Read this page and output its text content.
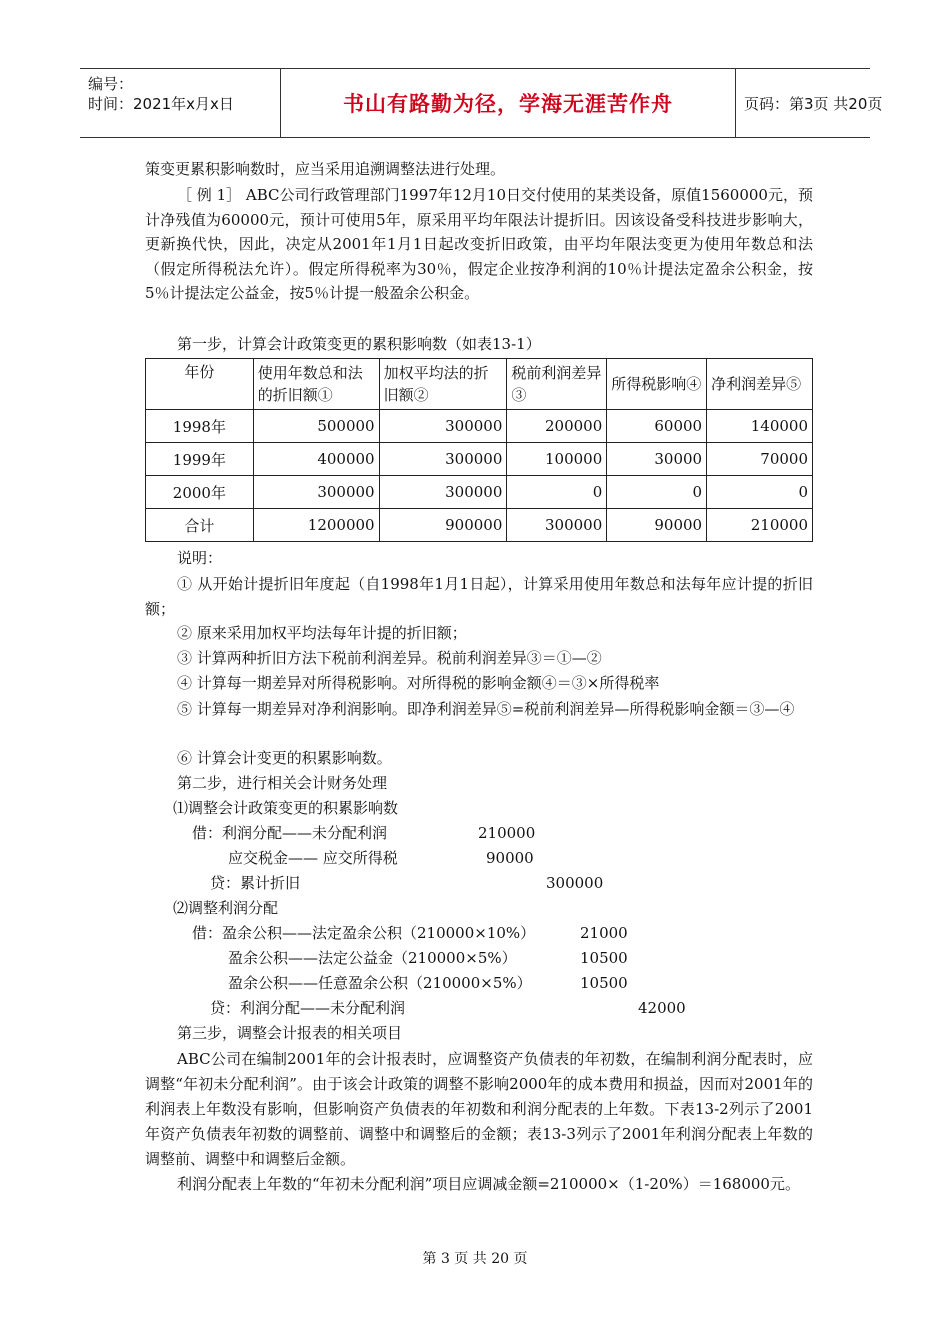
编号：
时间：2021年x月x日	书山有路勤为径，学海无涯苦作舟	页码：第3页 共20页
策变更累积影响数时，应当采用追溯调整法进行处理。
［ 例 1］ ABC公司行政管理部门1997年12月10日交付使用的某类设备，原值1560000元，预计净残值为60000元，预计可使用5年，原采用平均年限法计提折旧。因该设备受科技进步影响大，更新换代快，因此，决定从2001年1月1日起改变折旧政策，由平均年限法变更为使用年数总和法（假定所得税法允许）。假定所得税率为30％，假定企业按净利润的10％计提法定盈余公积金，按5％计提法定公益金，按5％计提一般盈余公积金。
第一步，计算会计政策变更的累积影响数（如表13-1）
年份	使用年数总和法的折旧额①	加权平均法的折旧额②	税前利润差异③	所得税影响④	净利润差异⑤
1998年	500000	300000	200000	60000	140000
1999年	400000	300000	100000	30000	70000
2000年	300000	300000	0	0	0
合计	1200000	900000	300000	90000	210000
说明：
① 从开始计提折旧年度起（自1998年1月1日起），计算采用使用年数总和法每年应计提的折旧额；
② 原来采用加权平均法每年计提的折旧额；
③ 计算两种折旧方法下税前利润差异。税前利润差异③＝①—②
④ 计算每一期差异对所得税影响。对所得税的影响金额④＝③×所得税率
⑤ 计算每一期差异对净利润影响。即净利润差异⑤=税前利润差异—所得税影响金额＝③—④
⑥ 计算会计变更的积累影响数。
第二步，进行相关会计财务处理
⑴调整会计政策变更的积累影响数
借：利润分配——未分配利润	210000
应交税金—— 应交所得税	90000
贷：累计折旧	300000
⑵调整利润分配
借：盈余公积——法定盈余公积（210000×10%）	21000
盈余公积——法定公益金（210000×5%）	10500
盈余公积——任意盈余公积（210000×5%）	10500
贷：利润分配——未分配利润	42000
第三步，调整会计报表的相关项目
ABC公司在编制2001年的会计报表时，应调整资产负债表的年初数，在编制利润分配表时，应调整“年初未分配利润”。由于该会计政策的调整不影响2000年的成本费用和损益，因而对2001年的利润表上年数没有影响，但影响资产负债表的年初数和利润分配表的上年数。下表13-2列示了2001年资产负债表年初数的调整前、调整中和调整后的金额；表13-3列示了2001年利润分配表上年数的调整前、调整中和调整后金额。
利润分配表上年数的“年初未分配利润”项目应调减金额=210000×（1-20%）＝168000元。
第 3 页 共 20 页
